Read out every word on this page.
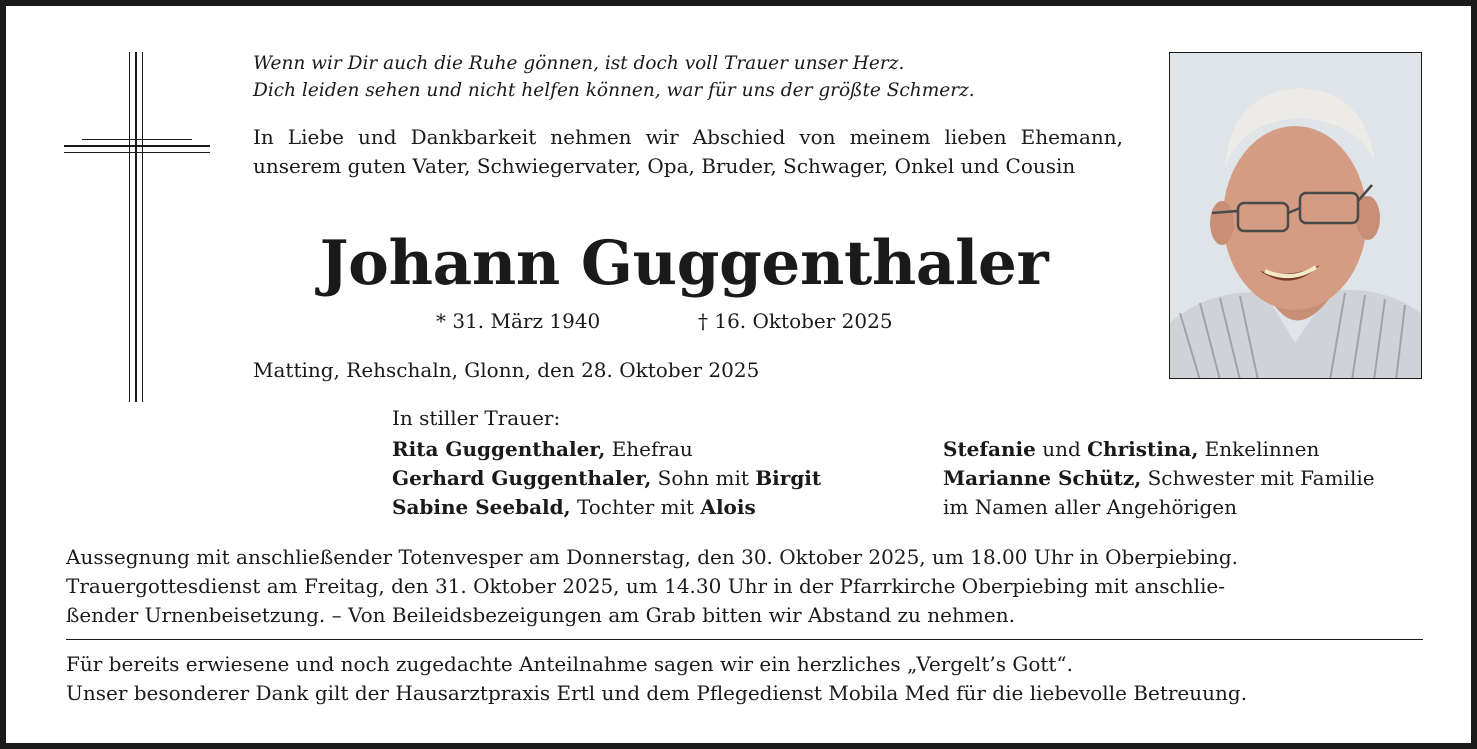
Wenn wir Dir auch die Ruhe gönnen, ist doch voll Trauer unser Herz.
Dich leiden sehen und nicht helfen können, war für uns der größte Schmerz.
In Liebe und Dankbarkeit nehmen wir Abschied von meinem lieben Ehemann, unserem guten Vater, Schwiegervater, Opa, Bruder, Schwager, Onkel und Cousin
Johann Guggenthaler
* 31. März 1940	† 16. Oktober 2025
Matting, Rehschaln, Glonn, den 28. Oktober 2025
In stiller Trauer:
Rita Guggenthaler, Ehefrau
Gerhard Guggenthaler, Sohn mit Birgit
Sabine Seebald, Tochter mit Alois
Stefanie und Christina, Enkelinnen
Marianne Schütz, Schwester mit Familie
im Namen aller Angehörigen
Aussegnung mit anschließender Totenvesper am Donnerstag, den 30. Oktober 2025, um 18.00 Uhr in Oberpiebing.
Trauergottesdienst am Freitag, den 31. Oktober 2025, um 14.30 Uhr in der Pfarrkirche Oberpiebing mit anschlie-
ßender Urnenbeisetzung. – Von Beileidsbezeigungen am Grab bitten wir Abstand zu nehmen.
Für bereits erwiesene und noch zugedachte Anteilnahme sagen wir ein herzliches „Vergelt’s Gott“.
Unser besonderer Dank gilt der Hausarztpraxis Ertl und dem Pflegedienst Mobila Med für die liebevolle Betreuung.
